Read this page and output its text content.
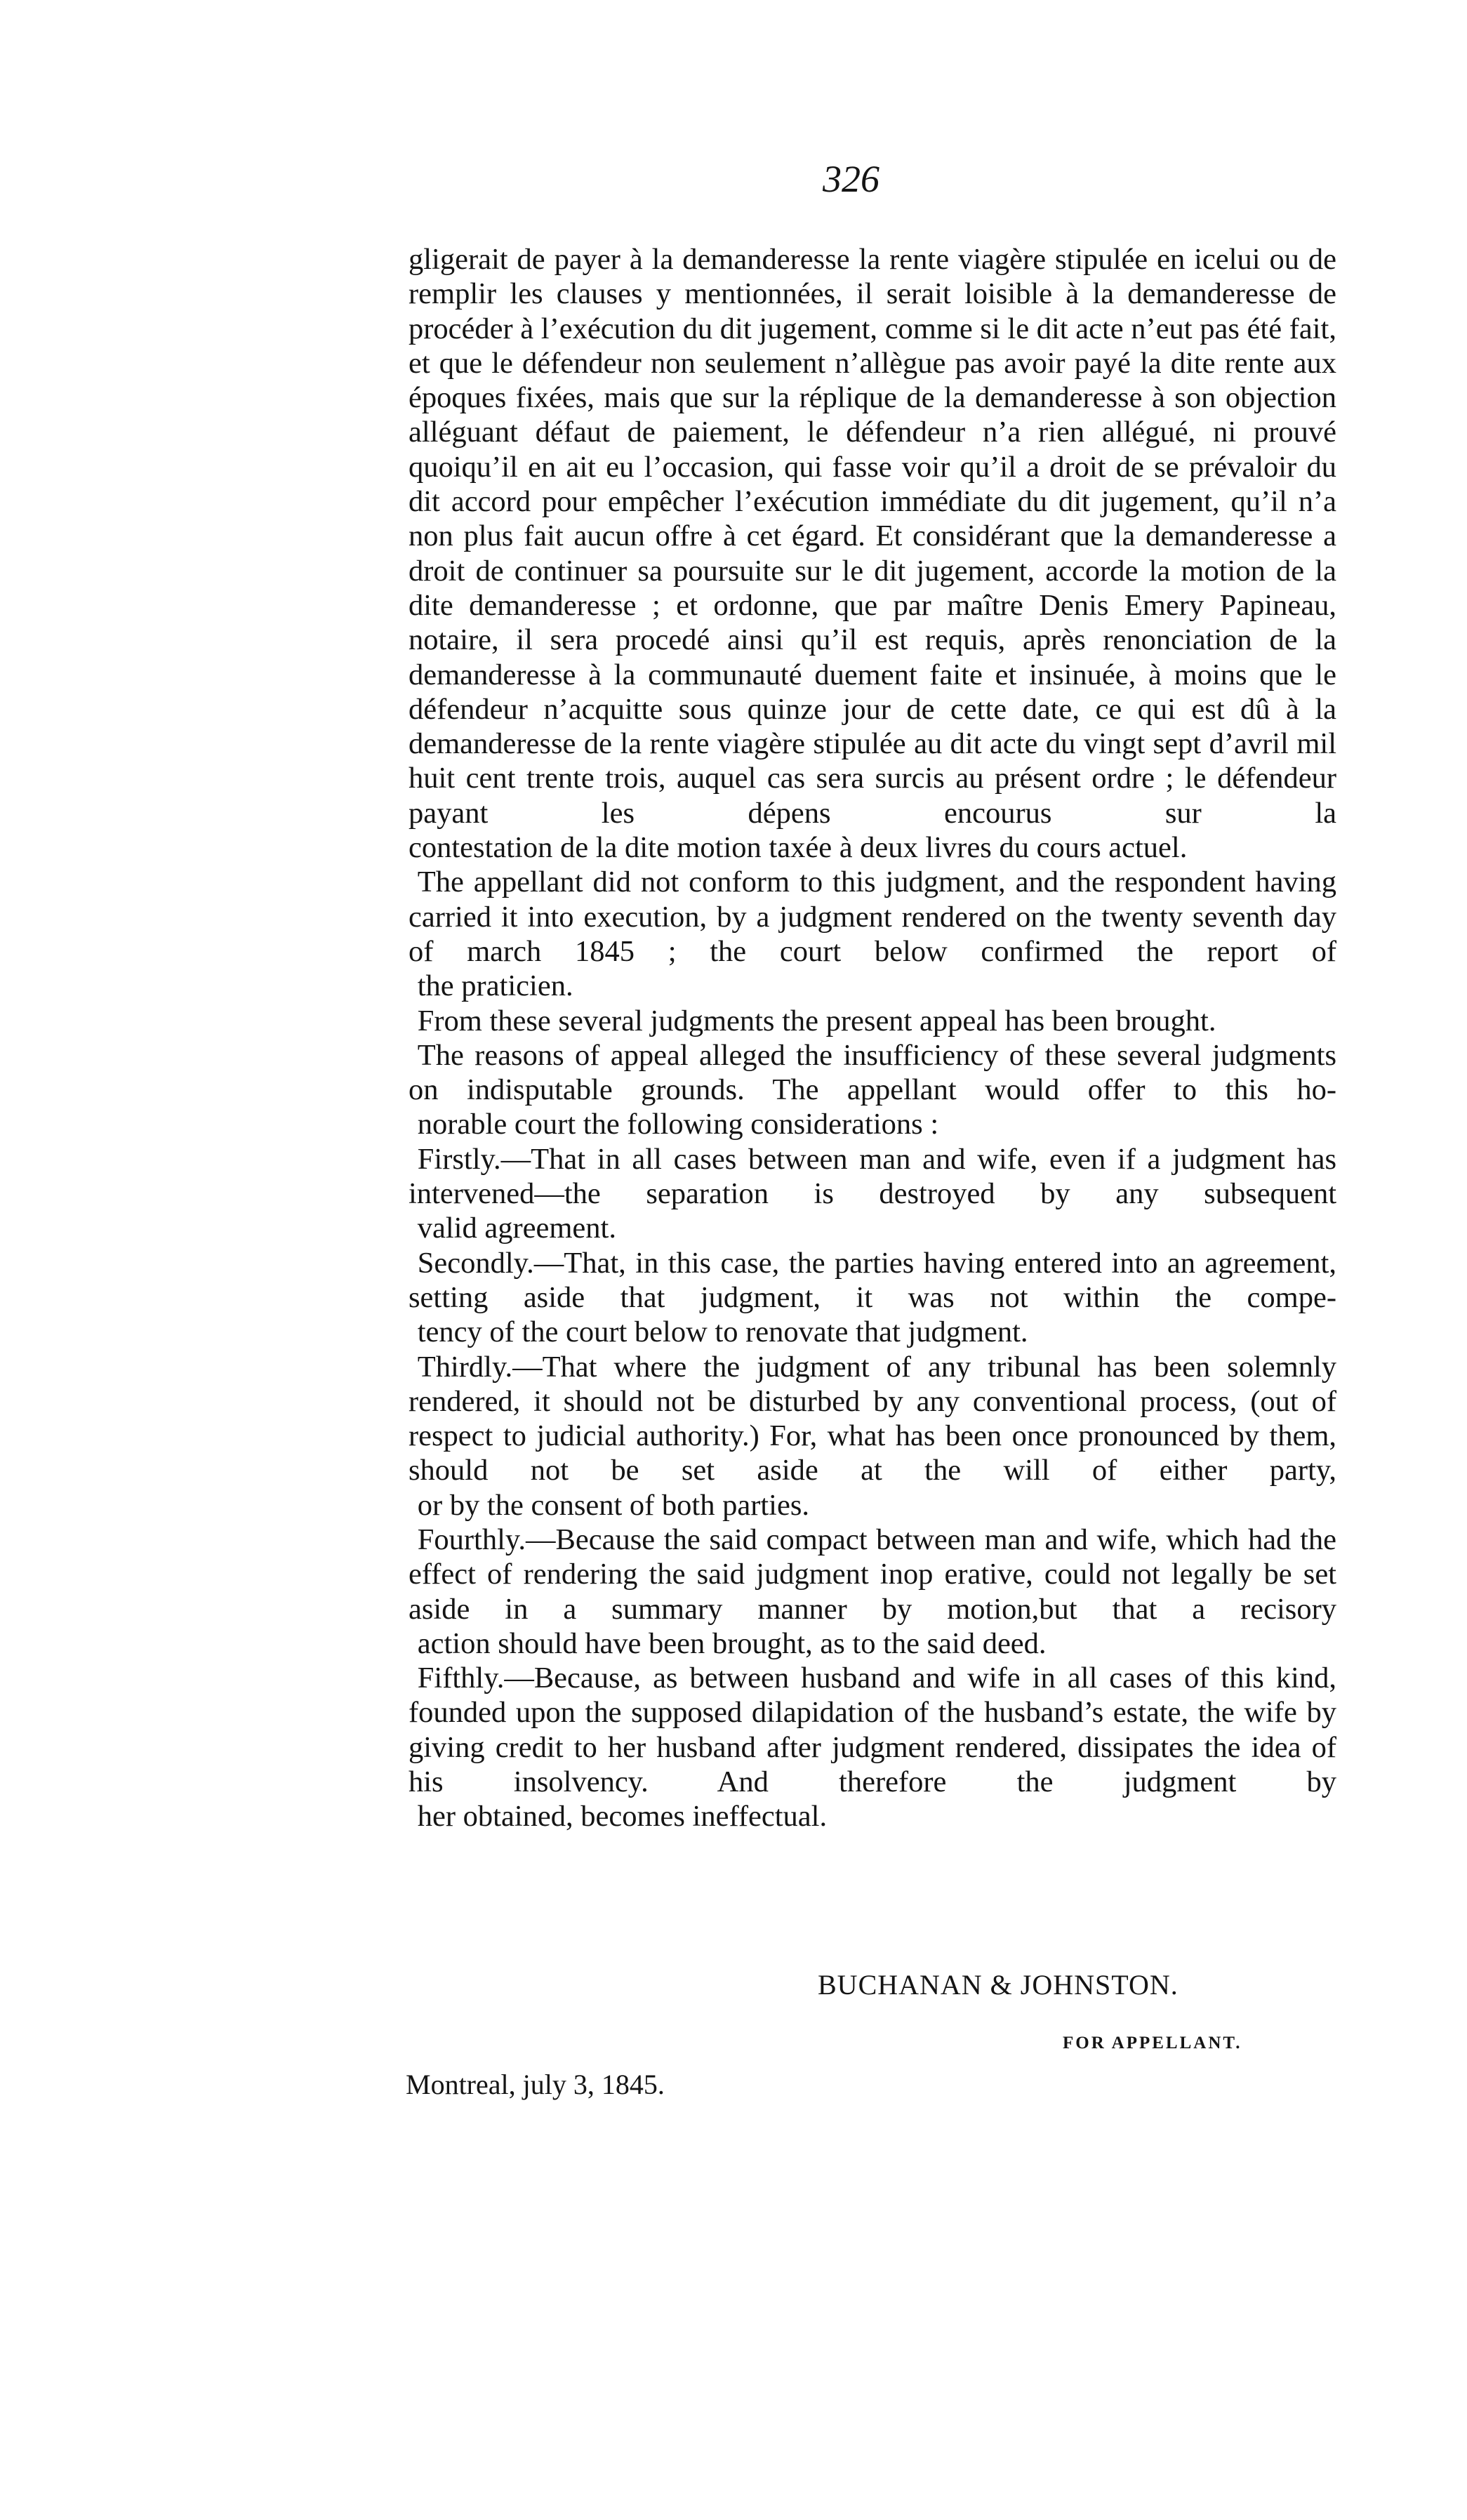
326

gligerait de payer à la demanderesse la rente viagère stipulée en icelui ou de remplir les clauses y mentionnées, il serait loisible à la demanderesse de procéder à l’exécution du dit jugement, comme si le dit acte n’eut pas été fait, et que le défendeur non seulement n’allègue pas avoir payé la dite rente aux époques fixées, mais que sur la réplique de la demanderesse à son objection alléguant défaut de paiement, le défendeur n’a rien allégué, ni prouvé quoiqu’il en ait eu l’occasion, qui fasse voir qu’il a droit de se prévaloir du dit accord pour empêcher l’exécution immédiate du dit jugement, qu’il n’a non plus fait aucun offre à cet égard. Et considérant que la demanderesse a droit de continuer sa poursuite sur le dit jugement, accorde la motion de la dite demanderesse ; et ordonne, que par maître Denis Emery Papineau, notaire, il sera procedé ainsi qu’il est requis, après renonciation de la demanderesse à la communauté duement faite et insinuée, à moins que le défendeur n’acquitte sous quinze jour de cette date, ce qui est dû à la demanderesse de la rente viagère stipulée au dit acte du vingt sept d’avril mil huit cent trente trois, auquel cas sera surcis au présent ordre ; le défendeur payant les dépens encourus sur la
contestation de la dite motion taxée à deux livres du cours actuel.

The appellant did not conform to this judgment, and the respondent having carried it into execution, by a judgment rendered on the twenty seventh day of march 1845 ; the court below confirmed the report of
the praticien.

From these several judgments the present appeal has been brought.

The reasons of appeal alleged the insufficiency of these several judgments on indisputable grounds. The appellant would offer to this ho-
norable court the following considerations :

Firstly.—That in all cases between man and wife, even if a judgment has intervened—the separation is destroyed by any subsequent
valid agreement.

Secondly.—That, in this case, the parties having entered into an agreement, setting aside that judgment, it was not within the compe-
tency of the court below to renovate that judgment.

Thirdly.—That where the judgment of any tribunal has been solemnly rendered, it should not be disturbed by any conventional process, (out of respect to judicial authority.) For, what has been once pronounced by them, should not be set aside at the will of either party,
or by the consent of both parties.

Fourthly.—Because the said compact between man and wife, which had the effect of rendering the said judgment inop erative, could not legally be set aside in a summary manner by motion,but that a recisory
action should have been brought, as to the said deed.

Fifthly.—Because, as between husband and wife in all cases of this kind, founded upon the supposed dilapidation of the husband’s estate, the wife by giving credit to her husband after judgment rendered, dissipates the idea of his insolvency. And therefore the judgment by
her obtained, becomes ineffectual.

BUCHANAN & JOHNSTON.
FOR APPELLANT.
Montreal, july 3, 1845.
